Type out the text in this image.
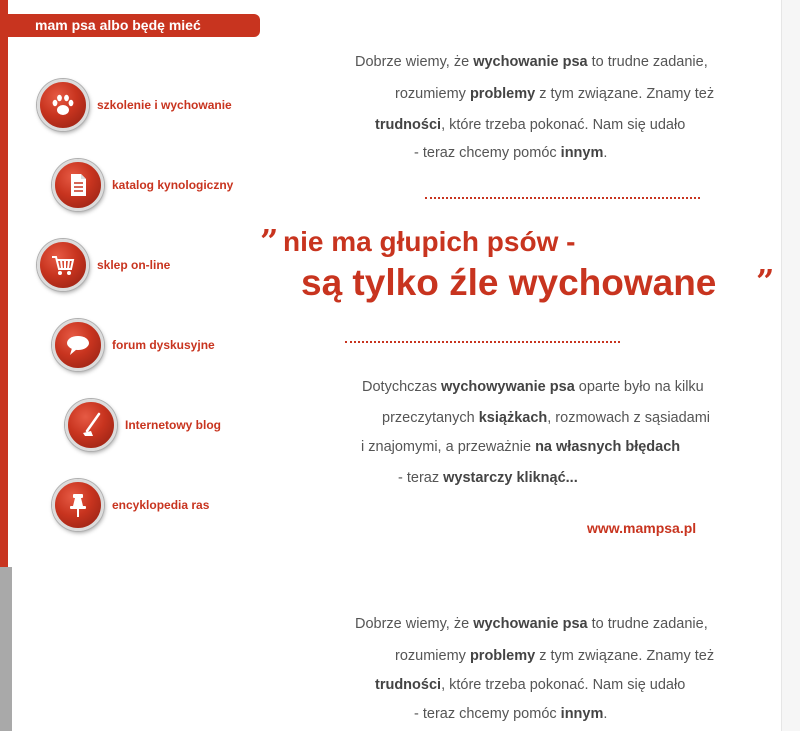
mam psa albo będę mieć
szkolenie i wychowanie
katalog kynologiczny
sklep on-line
forum dyskusyjne
Internetowy blog
encyklopedia ras
Dobrze wiemy, że wychowanie psa to trudne zadanie,
rozumiemy problemy z tym związane. Znamy też
trudności, które trzeba pokonać. Nam się udało
- teraz chcemy pomóc innym.
” nie ma głupich psów -
są tylko źle wychowane ”
Dotychczas wychowywanie psa oparte było na kilku
przeczytanych książkach, rozmowach z sąsiadami
i znajomymi, a przeważnie na własnych błędach
- teraz wystarczy kliknąć...
www.mampsa.pl
Dobrze wiemy, że wychowanie psa to trudne zadanie,
rozumiemy problemy z tym związane. Znamy też
trudności, które trzeba pokonać. Nam się udało
- teraz chcemy pomóc innym.
